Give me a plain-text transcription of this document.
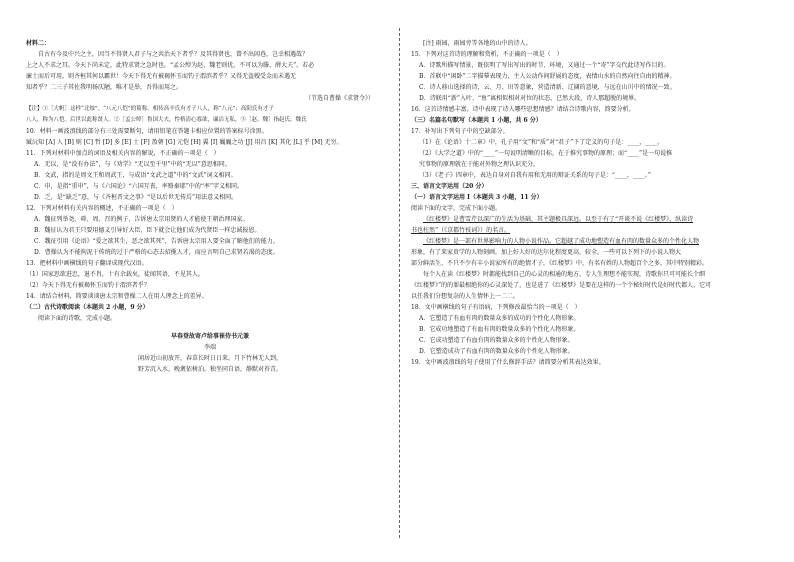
材料二：
自古有今及中兴之主，因当不得贤人君子与之共治天下者乎？及其得贤也，曾不出闾巷，岂幸相遇哉？
上之人不求之耳。今天下尚未定，此特求贤之急时也。“孟公绰为赵、魏老则优，不可以为滕、薛大夫”。若必
廉士而后可用，则齐桓其何以霸世！今天下得无有被褐怀玉而钓于渭滨者乎？又得无盗嫂受金而未遇无
知者乎？二三子其佐我明扬仄陋，唯才是举，吾得而用之。
（节选自曹操《求贤令》）
【注】①［大帆］这样“北烛”。“八元八恺”的简称。相传高辛氏有才子八人，称“八元”；高阳氏有才子
八人，称为八恺。后世以此称贤人。②［孟公绰］鲁国大夫，性格清心寡欲，廉洁无私，③［赵、魏］指赵氏、魏氏
10．材料一画波浪线的部分有三处需要断句，请用铅笔在答题卡相应位置的答案标号涂黑。
臧沅知 [A] 人 [B] 则 [C] 哲 [D] 多 [E] 士 [F] 盈朝 [G] 元恺 [H] 翼 [I] 巍巍之功 [J] 用昌 [K] 其化 [L] 乎 [M] 无穷。
11．下列对材料中加点的词语及相关内容的解说，不正确的一项是（　）
A．无以，是“没有办法”，与《劝学》“无以至千里”中的“无以”意思相同。
B．文武，指的是周文王和周武王，与成语“文武之道”中的“文武”词义相同。
C．申，是指“重申”，与《六国论》“六国互丧，率赂秦耶”中的“率”字义相同。
D．乏，是“缺乏”意，与《齐桓晋文之事》“是以后世无传焉”用法意义相同。
12．下列对材料有关内容的概述，不正确的一项是（　）
A．魏征列举尧、舜、周、召的例子，告诉唐太宗用贤的人才能使王朝治理国家。
B．魏征认为君王只要用德义引导好大臣，臣下就会让他们成为代贤臣一样忠诚报恩。
C．魏征引用《论语》“爱之欲其生，恶之欲其死”，告诉唐太宗用人要全面了解他们的能力。
D．曹操认为不能拘泥于传统的过于严格的心态去招揽人才，而应言明自己求贤若渴的态度。
13．把材料中画横线的句子翻译成现代汉语。
（1）国家思欲进忠，退不肖，十有余载矣，徒闻其语，不见其人。
（2）今天下得无有被褐怀玉而钓于渭滨者乎？
14．请结合材料，简要谈谈唐太宗和曹操二人在用人理念上的差异。
（二）古代诗歌阅读（本题共 2 小题，9 分）
阅读下面的诗歌，完成小题。
早春登故寄卢给事崔侍书元兼
李端
闲居近山初放开，春草长时日日来。月下竹林无人到，
野芳沉入水，晚禽依树泊。独坐同自语，静默对苔青。
[注] 雨园，雨园旁等各地的山中的诗人。
15．下列对这首诗的理解和赏析，不正确的一项是（　）
A．诗歌所描写情景，既依明了写出写出的时节、环境，又通过一个“寄”字交代此诗写作目的。
B．首联中“闲卧”二字描摹表现力，主人公动作间舒展的态度，表情山水的自然向往自由的精神。
C．诗人移山选择的诗，云、月、田等意象，营造清新、辽阔的意境，与远在山川中的情况一致。
D．诗联用“新”入叶、“鱼”离相似相对对位的状态，已然大段，诗人那超脱的境界。
16．这首诗情感丰富。诗中表现了诗人哪些思想情感？请结合诗歌内容，简要分析。
（三）名篇名句默写（本题共 1 小题，共 6 分）
17．补写出下列句子中的空缺部分。
（1）在《论语》十二章》中，孔子用“文”和“质”对“君子”下了定义的句子是：____，____。
（2）《大学之道》中的“____”一句说明清晰的目标，在于推究事物的原理；而“____”是一句说推
究事物的原理就在于能对外物之理认识充分。
（3）《老子》四章中，表达自身对自我有用和无用的辩证关系的句子是：“____，____。”
三、语言文字运用（20 分）
（一）语言文字运用 I（本题共 3 小题，11 分）
阅读下面的文字，完成下面小题。
《红楼梦》是曹雪芹以深广的生活为基础，其主题极具深远。以至于有了“开谈不说《红楼梦》，纵读诗
书也枉然”（《京都竹枝词》）的名言。
《红楼梦》是一部有世界影响力的人物小说作品。它超越了成功地塑造有血有肉的数量众多的个性化人物
形象，有了来家贵学的人物刻画，加上好人好的达尔化程度更高，较全，一些可以下列下的小说人物大
部分鲜活生，不只不少有丰小说家所有的绝情才子，《红楼梦》中，有名有姓的人物超百个之多，其中特别精彩。
每个人在读《红楼梦》时都能找到自己的心灵的相通的地方，专人生理想不能实现，诗歌你只可可能长个细
《红楼梦》”的的罪最根绝你的心灵深处了，也是进了《红楼梦》是要在这样的一个个秘好时代是好时代都人，它可
以任我们分想复杂的人生情怀上一二二。
18．文中画横线的句子有语病，下列修改最恰当的一项是（　）
A．它塑造了有血有肉的数量众多的成功的个性化人物形象。
B．它成功地塑造了有血有肉的数量众多的个性化人物形象。
C．它成功塑造了有血有肉的数量众多的个性化人物形象。
D．它塑造成功了有血有肉的数量众多的个性化人物形象。
19．文中画波浪线的句子使用了什么修辞手法？请简要分析其表达效果。
